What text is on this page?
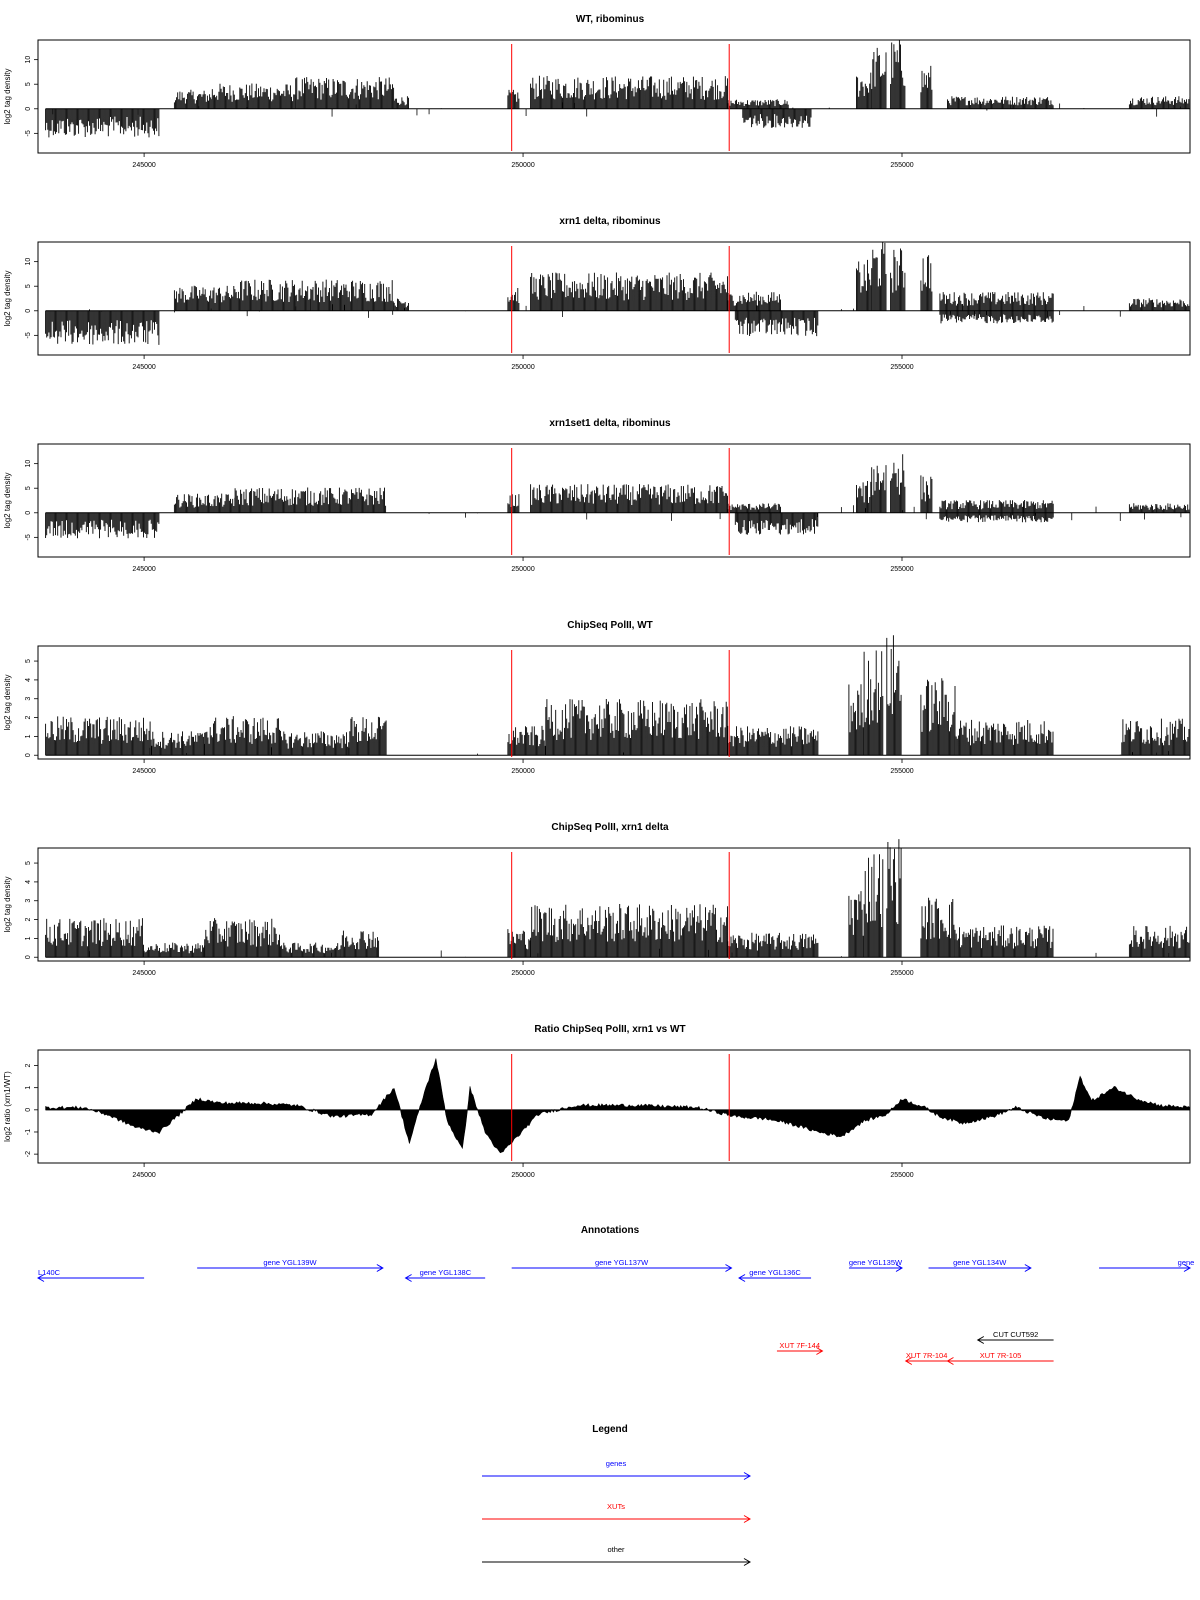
WT, ribominus
log2 tag density
-5
0
5
10
245000	250000	255000
xrn1 delta, ribominus
log2 tag density
-5
0
5
10
245000	250000	255000
xrn1set1 delta, ribominus
log2 tag density
-5
0
5
10
245000	250000	255000
ChipSeq PolII, WT
log2 tag density
0
1
2
3
4
5
245000	250000	255000
ChipSeq PolII, xrn1 delta
log2 tag density
0
1
2
3
4
5
245000	250000	255000
Ratio ChipSeq PolII, xrn1 vs WT
log2 ratio (xrn1/WT)
-2
-1
0
1
2
245000	250000	255000
Annotations
L140C
gene YGL139W
gene YGL138C
gene YGL137W
gene YGL136C
gene YGL135W	gene YGL134W	gene
CUT CUT592
XUT 7F-144
XUT 7R-104	XUT 7R-105
Legend
genes
XUTs
other
